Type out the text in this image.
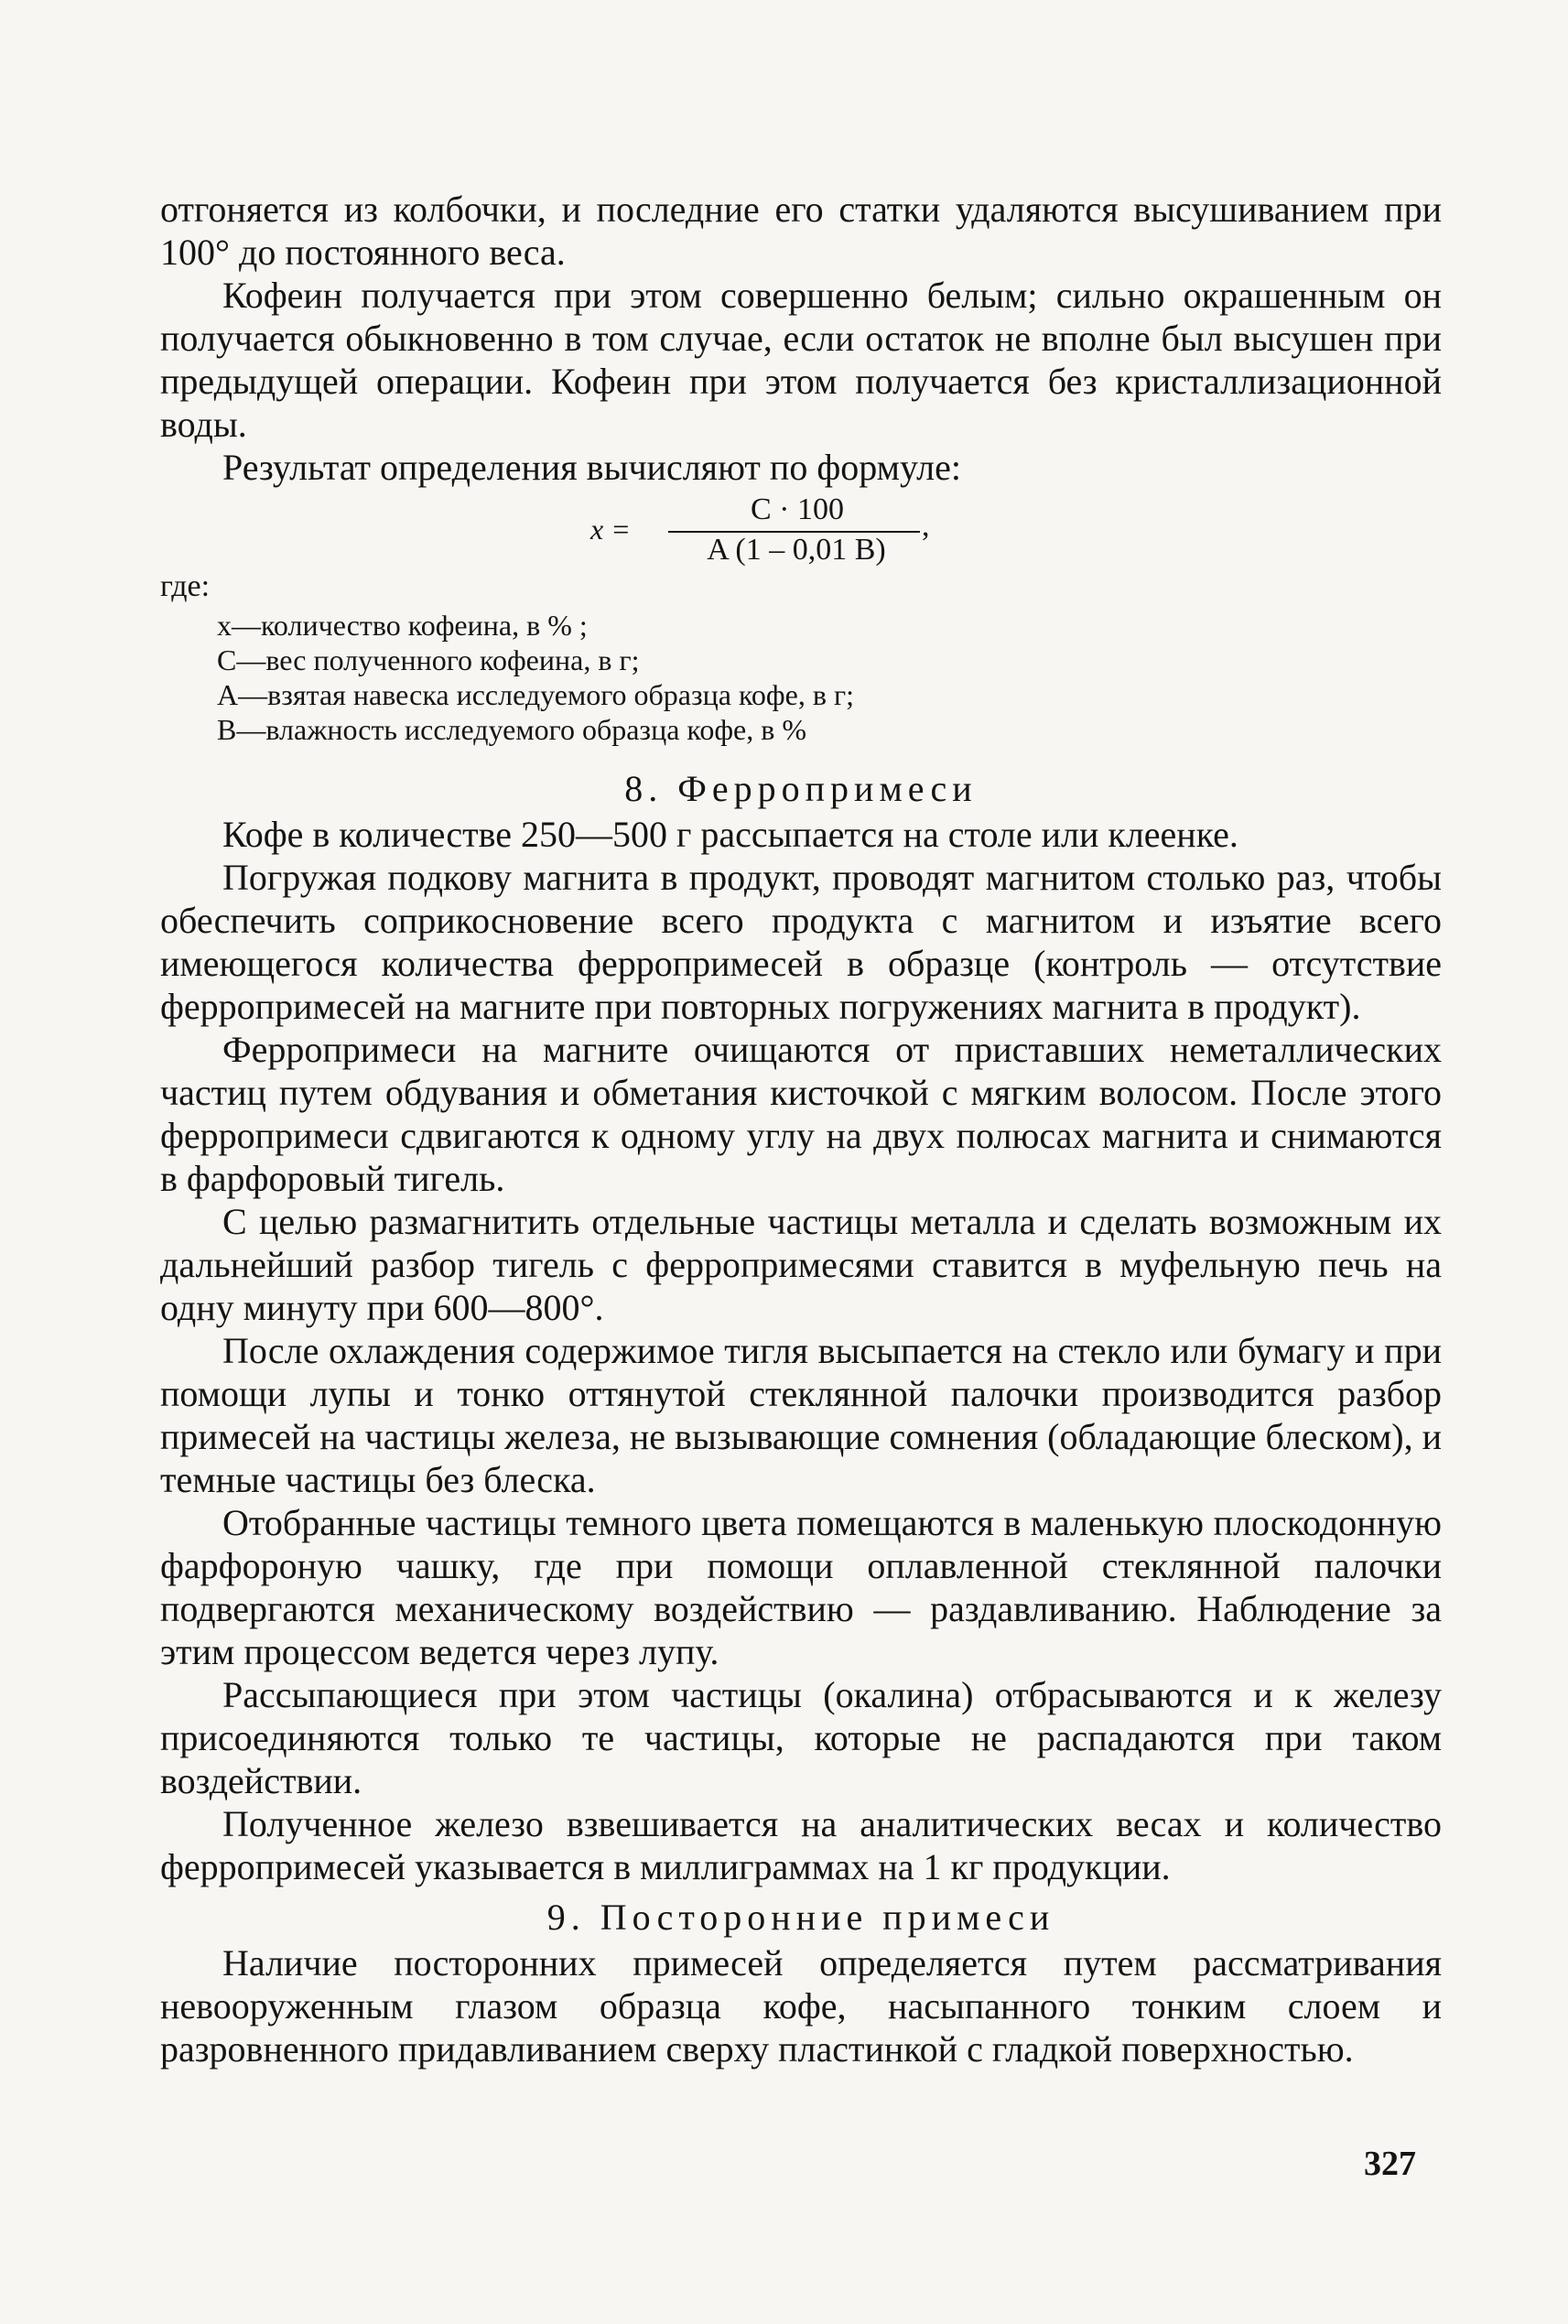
отгоняется из колбочки, и последние его статки удаляются высушиванием при 100° до постоянного веса.

Кофеин получается при этом совершенно белым; сильно окрашенным он получается обыкновенно в том случае, если остаток не вполне был высушен при предыдущей операции. Кофеин при этом получается без кристаллизационной воды.

Результат определения вычисляют по формуле:

x =
C · 100
A (1 – 0,01 B)
,
где:
x—количество кофеина, в % ;
C—вес полученного кофеина, в г;
A—взятая навеска исследуемого образца кофе, в г;
B—влажность исследуемого образца кофе, в %
8. Ферропримеси

Кофе в количестве 250—500 г рассыпается на столе или клеенке.

Погружая подкову магнита в продукт, проводят магнитом столько раз, чтобы обеспечить соприкосновение всего продукта с магнитом и изъятие всего имеющегося количества ферропримесей в образце (контроль — отсутствие ферропримесей на магните при повторных погружениях магнита в продукт).

Ферропримеси на магните очищаются от приставших неметаллических частиц путем обдувания и обметания кисточкой с мягким волосом. После этого ферропримеси сдвигаются к одному углу на двух полюсах магнита и снимаются в фарфоровый тигель.

С целью размагнитить отдельные частицы металла и сделать возможным их дальнейший разбор тигель с ферропримесями ставится в муфельную печь на одну минуту при 600—800°.

После охлаждения содержимое тигля высыпается на стекло или бумагу и при помощи лупы и тонко оттянутой стеклянной палочки производится разбор примесей на частицы железа, не вызывающие сомнения (обладающие блеском), и темные частицы без блеска.

Отобранные частицы темного цвета помещаются в маленькую плоскодонную фарфороную чашку, где при помощи оплавленной стеклянной палочки подвергаются механическому воздействию — раздавливанию. Наблюдение за этим процессом ведется через лупу.

Рассыпающиеся при этом частицы (окалина) отбрасываются и к железу присоединяются только те частицы, которые не распадаются при таком воздействии.

Полученное железо взвешивается на аналитических весах и количество ферропримесей указывается в миллиграммах на 1 кг продукции.

9. Посторонние примеси

Наличие посторонних примесей определяется путем рассматривания невооруженным глазом образца кофе, насыпанного тонким слоем и разровненного придавливанием сверху пластинкой с гладкой поверхностью.

327
